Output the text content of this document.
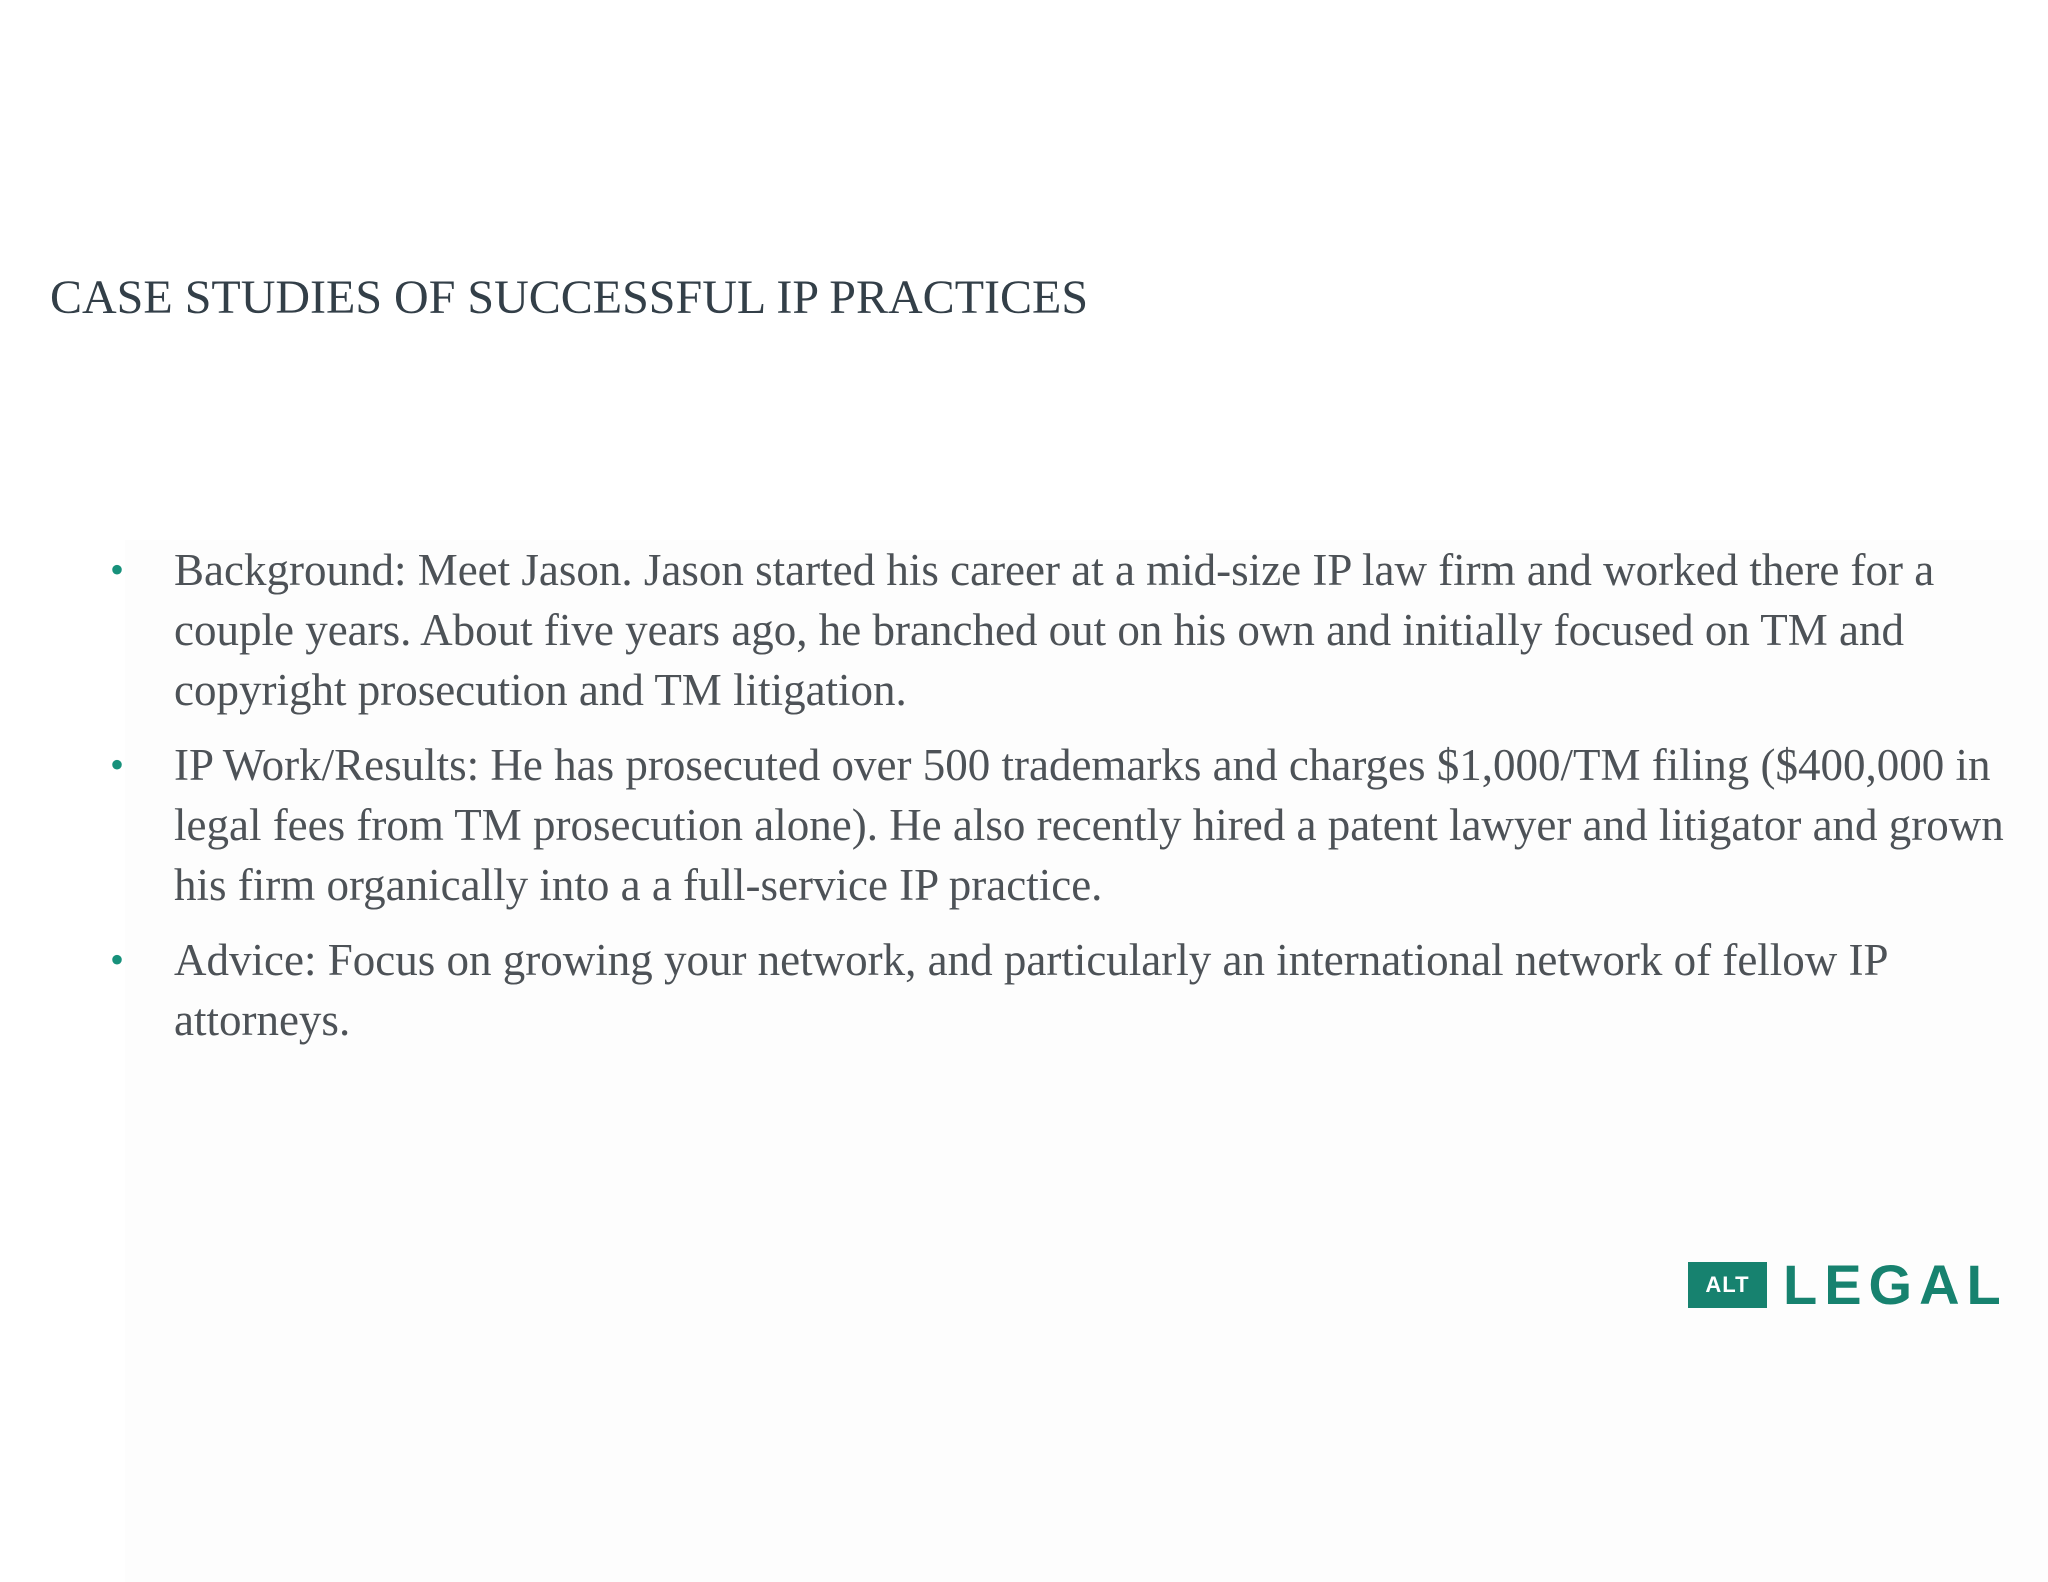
CASE STUDIES OF SUCCESSFUL IP PRACTICES
•	Background: Meet Jason. Jason started his career at a mid-size IP law firm and worked there for a couple years. About five years ago, he branched out on his own and initially focused on TM and copyright prosecution and TM litigation.
•	IP Work/Results: He has prosecuted over 500 trademarks and charges $1,000/TM filing ($400,000 in legal fees from TM prosecution alone). He also recently hired a patent lawyer and litigator and grown his firm organically into a a full-service IP practice.
•	Advice: Focus on growing your network, and particularly an international network of fellow IP attorneys.
ALT LEGAL
